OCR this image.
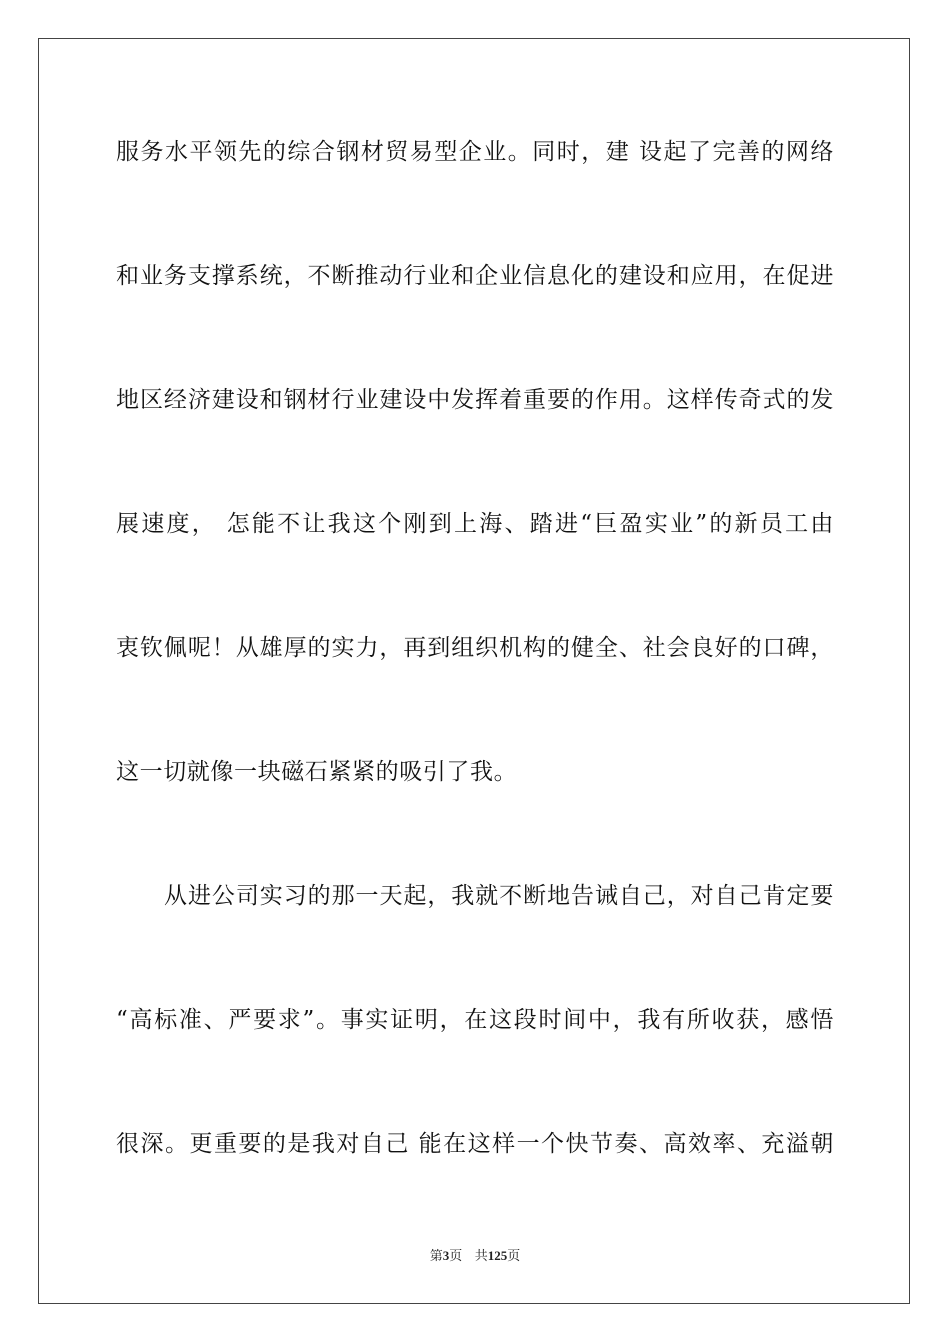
服务水平领先的综合钢材贸易型企业。同时，建 设起了完善的网络
和业务支撑系统，不断推动行业和企业信息化的建设和应用，在促进
地区经济建设和钢材行业建设中发挥着重要的作用。这样传奇式的发
展速度， 怎能不让我这个刚到上海、踏进“巨盈实业”的新员工由
衷钦佩呢！从雄厚的实力，再到组织机构的健全、社会良好的口碑，
这一切就像一块磁石紧紧的吸引了我。
从进公司实习的那一天起，我就不断地告诫自己，对自己肯定要
“高标准、严要求”。事实证明，在这段时间中，我有所收获，感悟
很深。更重要的是我对自己 能在这样一个快节奏、高效率、充溢朝
第3页 共125页
